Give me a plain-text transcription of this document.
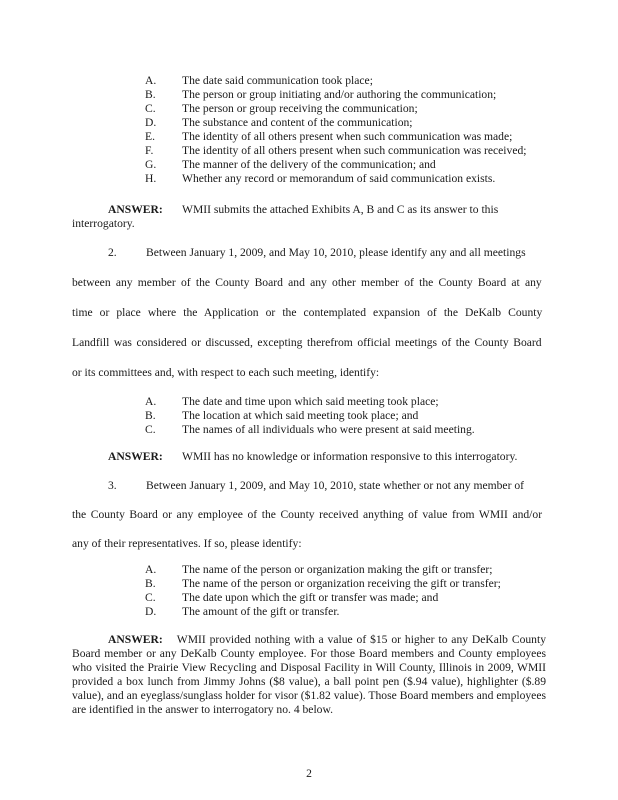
A. The date said communication took place;
B. The person or group initiating and/or authoring the communication;
C. The person or group receiving the communication;
D. The substance and content of the communication;
E. The identity of all others present when such communication was made;
F. The identity of all others present when such communication was received;
G. The manner of the delivery of the communication; and
H. Whether any record or memorandum of said communication exists.
ANSWER: WMII submits the attached Exhibits A, B and C as its answer to this
interrogatory.
2.	Between January 1, 2009, and May 10, 2010, please identify any and all meetings
between any member of the County Board and any other member of the County Board at any
time or place where the Application or the contemplated expansion of the DeKalb County
Landfill was considered or discussed, excepting therefrom official meetings of the County Board
or its committees and, with respect to each such meeting, identify:
A. The date and time upon which said meeting took place;
B. The location at which said meeting took place; and
C. The names of all individuals who were present at said meeting.
ANSWER: WMII has no knowledge or information responsive to this interrogatory.
3.	Between January 1, 2009, and May 10, 2010, state whether or not any member of
the County Board or any employee of the County received anything of value from WMII and/or
any of their representatives. If so, please identify:
A. The name of the person or organization making the gift or transfer;
B. The name of the person or organization receiving the gift or transfer;
C. The date upon which the gift or transfer was made; and
D. The amount of the gift or transfer.
ANSWER: WMII provided nothing with a value of $15 or higher to any DeKalb County Board member or any DeKalb County employee. For those Board members and County employees who visited the Prairie View Recycling and Disposal Facility in Will County, Illinois in 2009, WMII provided a box lunch from Jimmy Johns ($8 value), a ball point pen ($.94 value), highlighter ($.89 value), and an eyeglass/sunglass holder for visor ($1.82 value). Those Board members and employees are identified in the answer to interrogatory no. 4 below.
2
